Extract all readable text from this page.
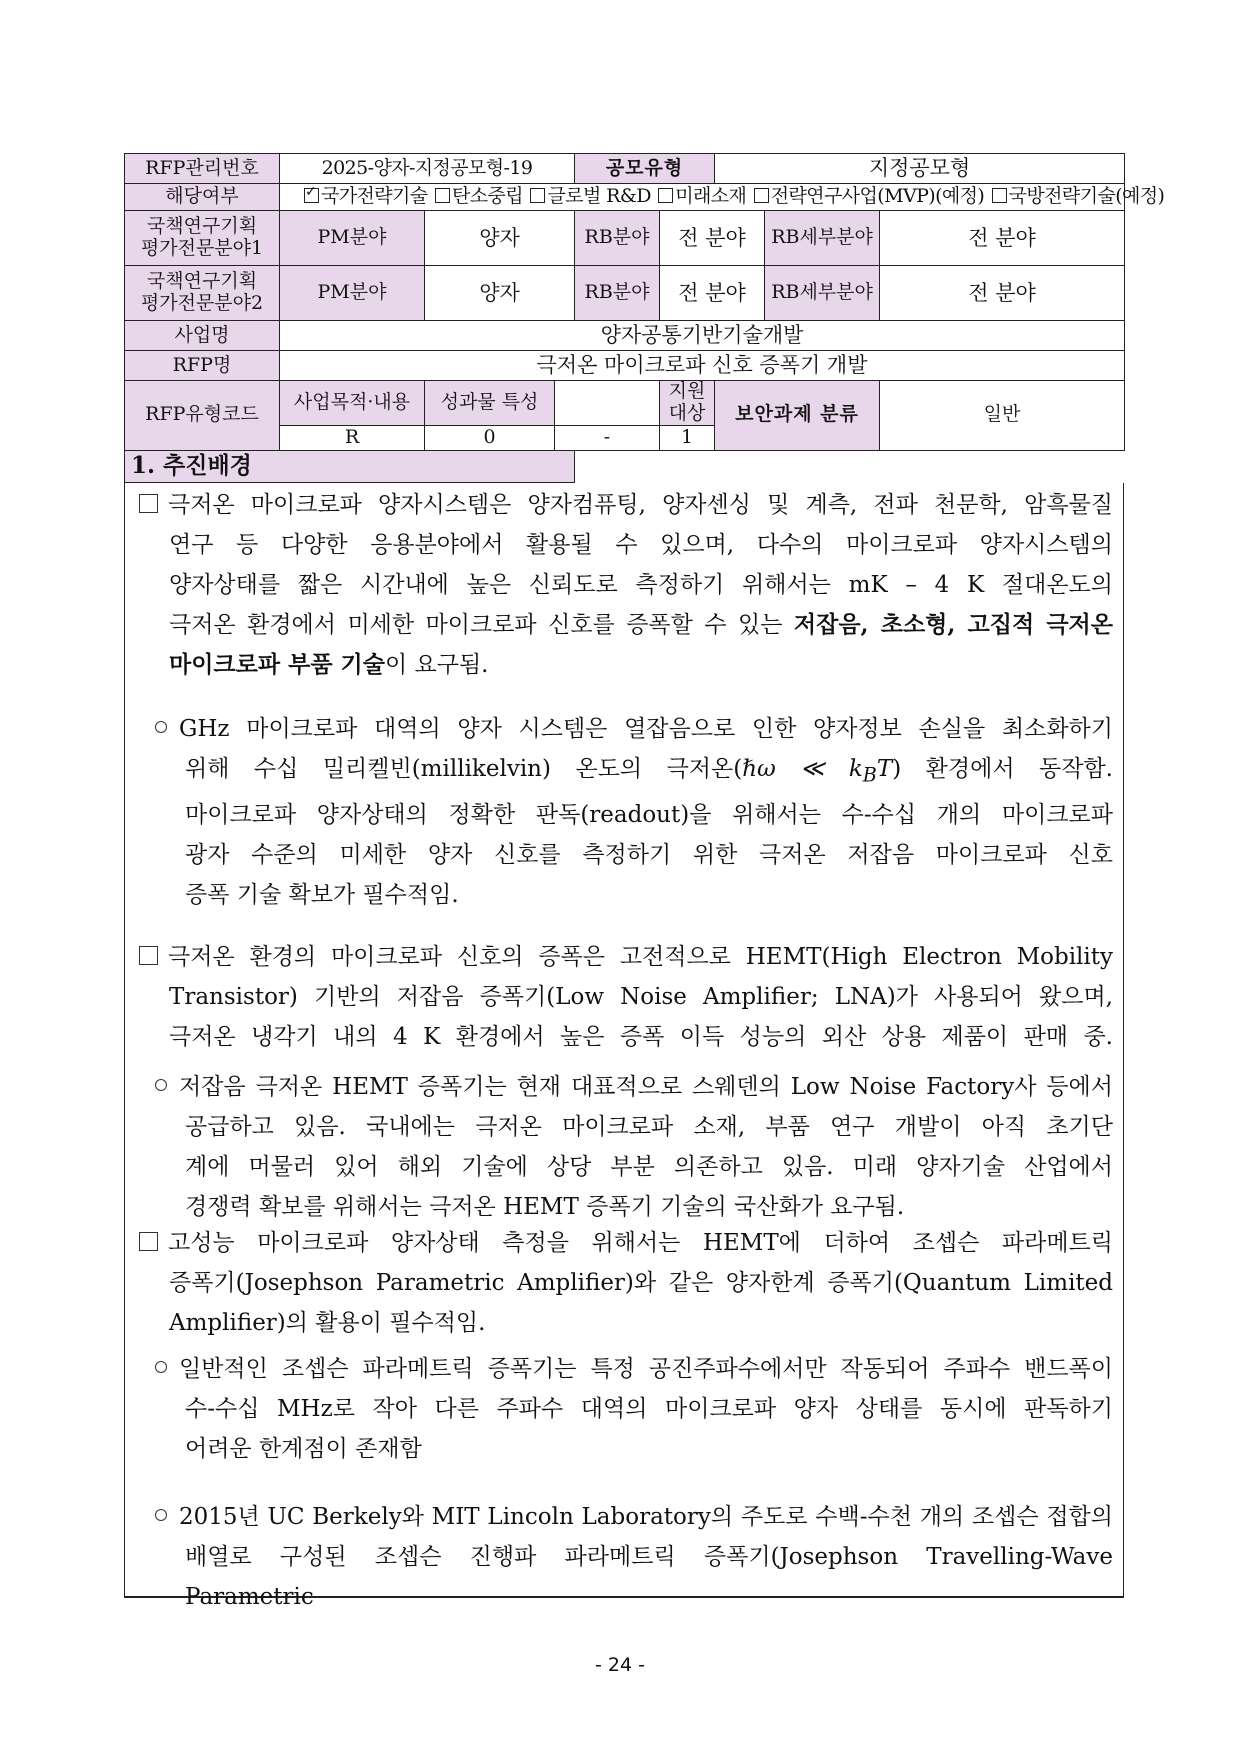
RFP관리번호	2025-양자-지정공모형-19			공모유형		지정공모형		
해당여부	✓국가전략기술 탄소중립 글로벌 R&D 미래소재 전략연구사업(MVP)(예정) 국방전략기술(예정)
국책연구기획
평가전문분야1	PM분야	양자		RB분야	전 분야		RB세부분야	전 분야
국책연구기획
평가전문분야2	PM분야	양자		RB분야	전 분야		RB세부분야	전 분야
사업명	양자공통기반기술개발							
RFP명	극저온 마이크로파 신호 증폭기 개발							
RFP유형코드	사업목적·내용	성과물 특성			지원대상	보안과제 분류		일반
	R	0	-		1			
1. 추진배경								
극저온 마이크로파 양자시스템은 양자컴퓨팅, 양자센싱 및 계측, 전파 천문학, 암흑물질
연구 등 다양한 응용분야에서 활용될 수 있으며, 다수의 마이크로파 양자시스템의
양자상태를 짧은 시간내에 높은 신뢰도로 측정하기 위해서는 mK – 4 K 절대온도의
극저온 환경에서 미세한 마이크로파 신호를 증폭할 수 있는 저잡음, 초소형, 고집적 극저온
마이크로파 부품 기술이 요구됨.
GHz 마이크로파 대역의 양자 시스템은 열잡음으로 인한 양자정보 손실을 최소화하기
위해 수십 밀리켈빈(millikelvin) 온도의 극저온(ℏω ≪ $k_BT$) 환경에서 동작함.
마이크로파 양자상태의 정확한 판독(readout)을 위해서는 수-수십 개의 마이크로파
광자 수준의 미세한 양자 신호를 측정하기 위한 극저온 저잡음 마이크로파 신호
증폭 기술 확보가 필수적임.
극저온 환경의 마이크로파 신호의 증폭은 고전적으로 HEMT(High Electron Mobility
Transistor) 기반의 저잡음 증폭기(Low Noise Amplifier; LNA)가 사용되어 왔으며,
극저온 냉각기 내의 4 K 환경에서 높은 증폭 이득 성능의 외산 상용 제품이 판매 중.
저잡음 극저온 HEMT 증폭기는 현재 대표적으로 스웨덴의 Low Noise Factory사 등에서
공급하고 있음. 국내에는 극저온 마이크로파 소재, 부품 연구 개발이 아직 초기단
계에 머물러 있어 해외 기술에 상당 부분 의존하고 있음. 미래 양자기술 산업에서
경쟁력 확보를 위해서는 극저온 HEMT 증폭기 기술의 국산화가 요구됨.
고성능 마이크로파 양자상태 측정을 위해서는 HEMT에 더하여 조셉슨 파라메트릭
증폭기(Josephson Parametric Amplifier)와 같은 양자한계 증폭기(Quantum Limited
Amplifier)의 활용이 필수적임.
일반적인 조셉슨 파라메트릭 증폭기는 특정 공진주파수에서만 작동되어 주파수 밴드폭이
수-수십 MHz로 작아 다른 주파수 대역의 마이크로파 양자 상태를 동시에 판독하기
어려운 한계점이 존재함
2015년 UC Berkely와 MIT Lincoln Laboratory의 주도로 수백-수천 개의 조셉슨 접합의
배열로 구성된 조셉슨 진행파 파라메트릭 증폭기(Josephson Travelling-Wave Parametric
- 24 -
